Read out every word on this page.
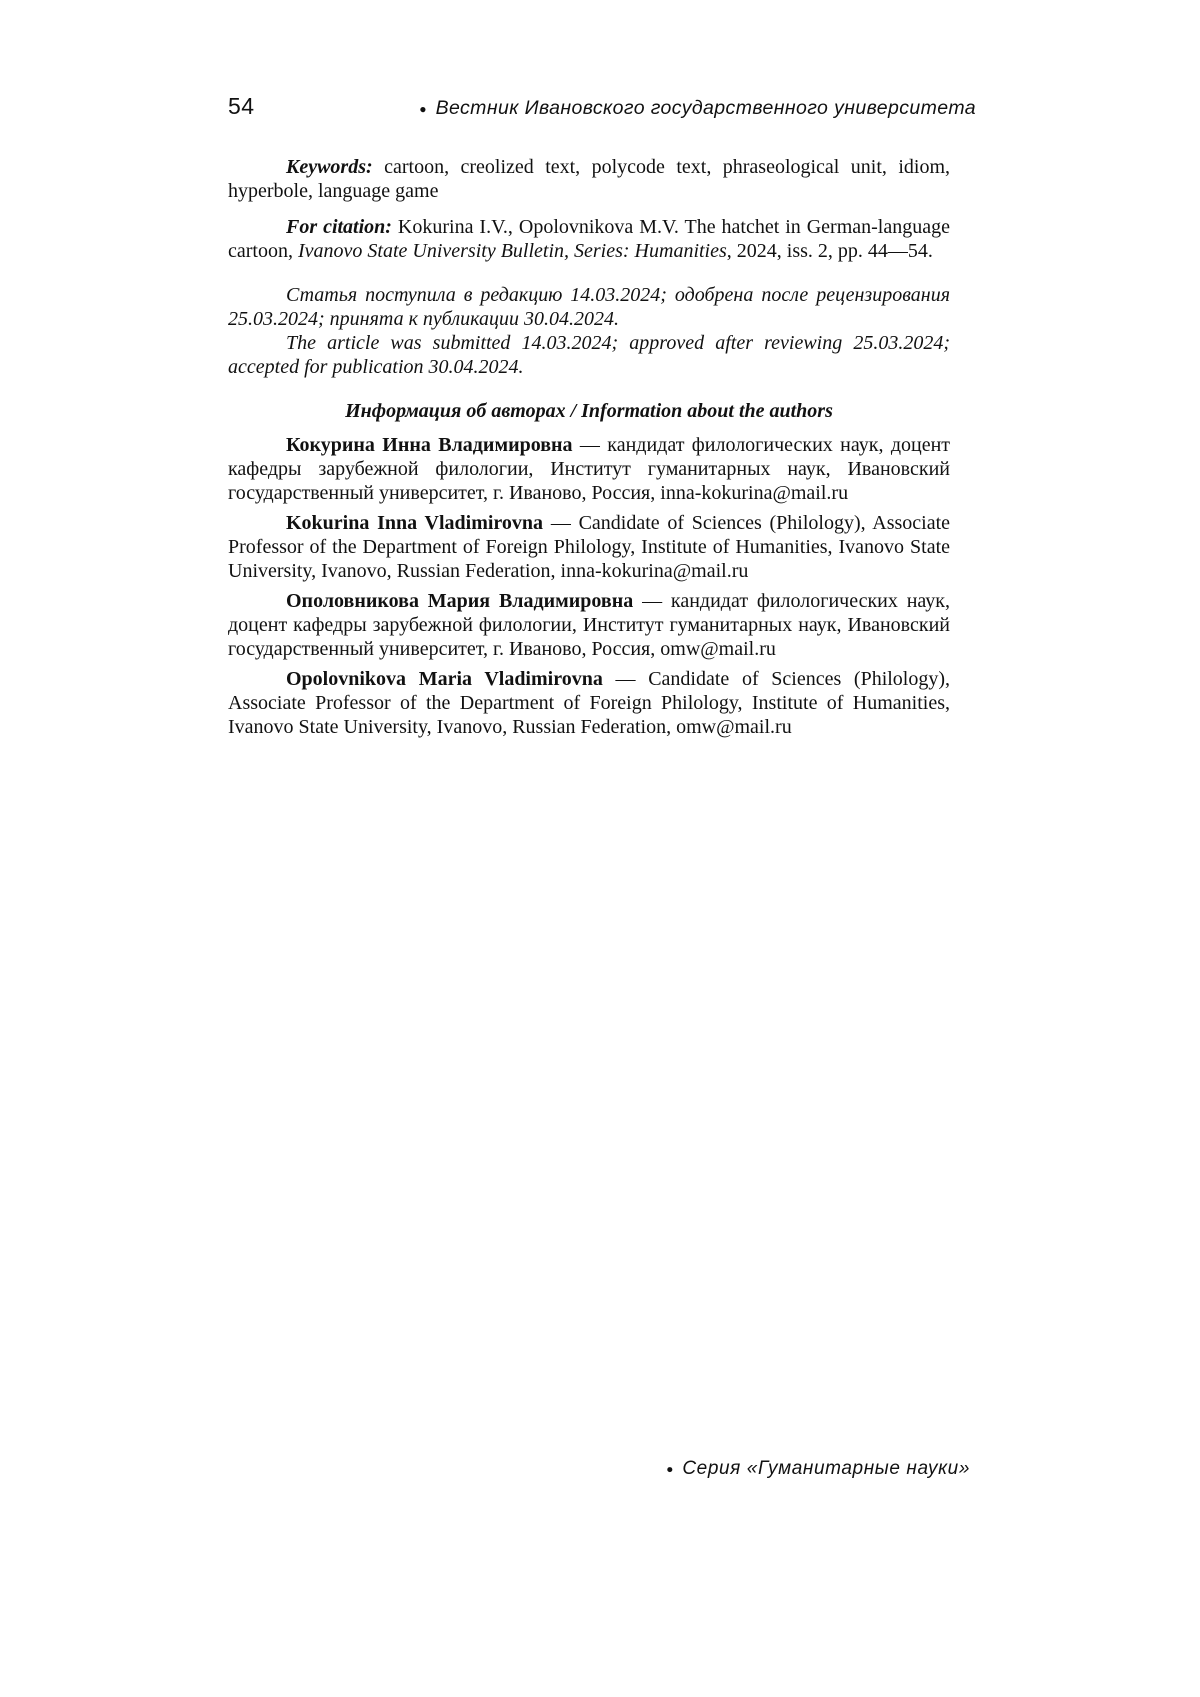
54	● Вестник Ивановского государственного университета

Keywords: cartoon, creolized text, polycode text, phraseological unit, idiom, hyperbole, language game

For citation: Kokurina I.V., Opolovnikova M.V. The hatchet in German-language cartoon, Ivanovo State University Bulletin, Series: Humanities, 2024, iss. 2, pp. 44—54.

Статья поступила в редакцию 14.03.2024; одобрена после рецензирования 25.03.2024; принята к публикации 30.04.2024.

The article was submitted 14.03.2024; approved after reviewing 25.03.2024; accepted for publication 30.04.2024.

Информация об авторах / Information about the authors

Кокурина Инна Владимировна — кандидат филологических наук, доцент кафедры зарубежной филологии, Институт гуманитарных наук, Ивановский государственный университет, г. Иваново, Россия, inna-kokurina@mail.ru

Kokurina Inna Vladimirovna — Candidate of Sciences (Philology), Associate Professor of the Department of Foreign Philology, Institute of Humanities, Ivanovo State University, Ivanovo, Russian Federation, inna-kokurina@mail.ru

Ополовникова Мария Владимировна — кандидат филологических наук, доцент кафедры зарубежной филологии, Институт гуманитарных наук, Ивановский государственный университет, г. Иваново, Россия, omw@mail.ru

Opolovnikova Maria Vladimirovna — Candidate of Sciences (Philology), Associate Professor of the Department of Foreign Philology, Institute of Humanities, Ivanovo State University, Ivanovo, Russian Federation, omw@mail.ru

● Серия «Гуманитарные науки»
